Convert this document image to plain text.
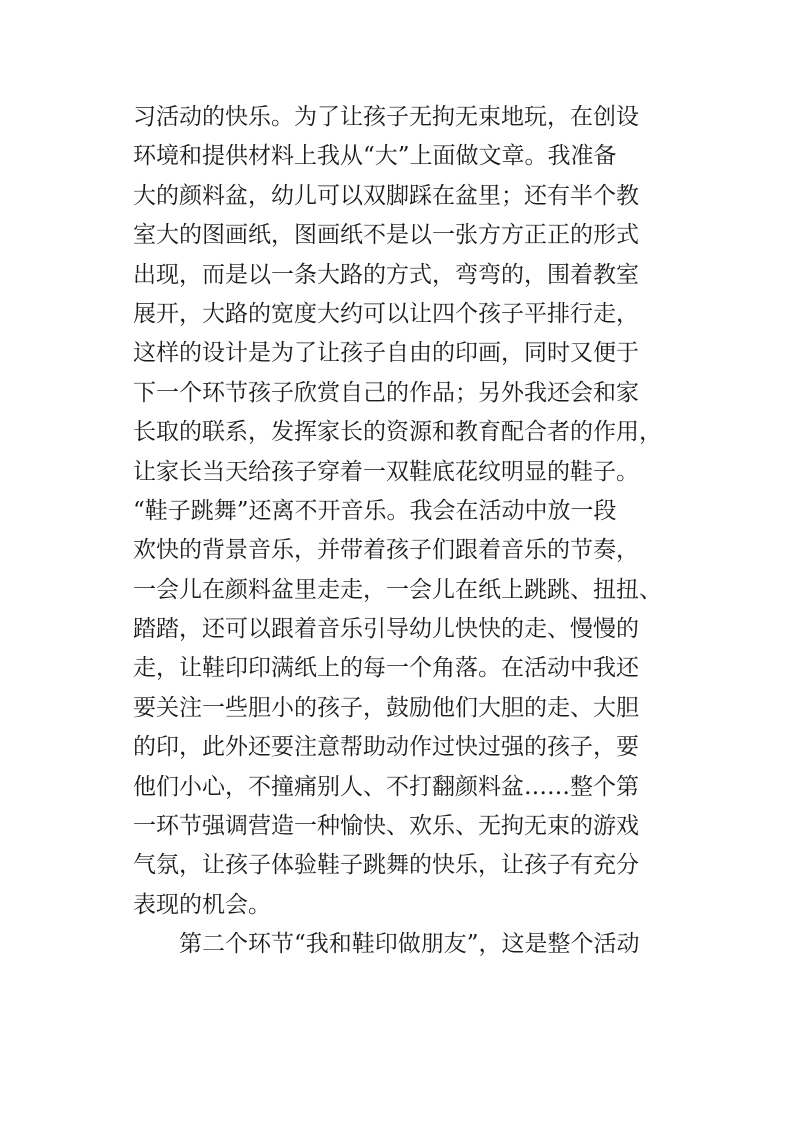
习活动的快乐。为了让孩子无拘无束地玩，在创设

环境和提供材料上我从“大”上面做文章。我准备

大的颜料盆，幼儿可以双脚踩在盆里；还有半个教

室大的图画纸，图画纸不是以一张方方正正的形式

出现，而是以一条大路的方式，弯弯的，围着教室

展开，大路的宽度大约可以让四个孩子平排行走，

这样的设计是为了让孩子自由的印画，同时又便于

下一个环节孩子欣赏自己的作品；另外我还会和家

长取的联系，发挥家长的资源和教育配合者的作用，

让家长当天给孩子穿着一双鞋底花纹明显的鞋子。

“鞋子跳舞”还离不开音乐。我会在活动中放一段

欢快的背景音乐，并带着孩子们跟着音乐的节奏，

一会儿在颜料盆里走走，一会儿在纸上跳跳、扭扭、

踏踏，还可以跟着音乐引导幼儿快快的走、慢慢的

走，让鞋印印满纸上的每一个角落。在活动中我还

要关注一些胆小的孩子，鼓励他们大胆的走、大胆

的印，此外还要注意帮助动作过快过强的孩子，要

他们小心，不撞痛别人、不打翻颜料盆……整个第

一环节强调营造一种愉快、欢乐、无拘无束的游戏

气氛，让孩子体验鞋子跳舞的快乐，让孩子有充分

表现的机会。

第二个环节“我和鞋印做朋友”，这是整个活动
